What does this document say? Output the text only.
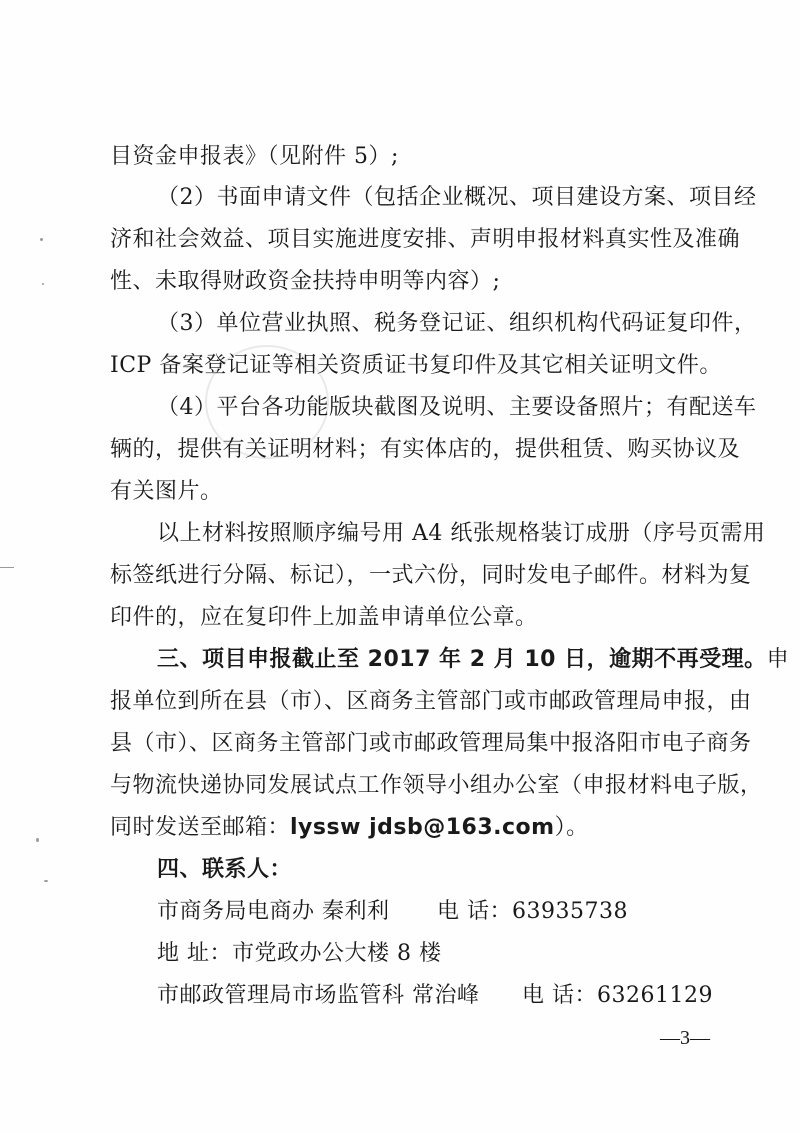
目资金申报表》（见附件 5）;
（2）书面申请文件（包括企业概况、项目建设方案、项目经
济和社会效益、项目实施进度安排、声明申报材料真实性及准确
性、未取得财政资金扶持申明等内容）;
（3）单位营业执照、税务登记证、组织机构代码证复印件，
ICP 备案登记证等相关资质证书复印件及其它相关证明文件。
（4）平台各功能版块截图及说明、主要设备照片；有配送车
辆的，提供有关证明材料；有实体店的，提供租赁、购买协议及
有关图片。
以上材料按照顺序编号用 A4 纸张规格装订成册（序号页需用
标签纸进行分隔、标记），一式六份，同时发电子邮件。材料为复
印件的，应在复印件上加盖申请单位公章。
三、项目申报截止至 2017 年 2 月 10 日，逾期不再受理。 申
报单位到所在县（市）、区商务主管部门或市邮政管理局申报，由
县（市）、区商务主管部门或市邮政管理局集中报洛阳市电子商务
与物流快递协同发展试点工作领导小组办公室（申报材料电子版，
同时发送至邮箱：lyssw jdsb@163.com）。
四、联系人：
市商务局电商办 秦利利 电 话：63935738
地 址：市党政办公大楼 8 楼
市邮政管理局市场监管科 常治峰 电 话：63261129
—3—
